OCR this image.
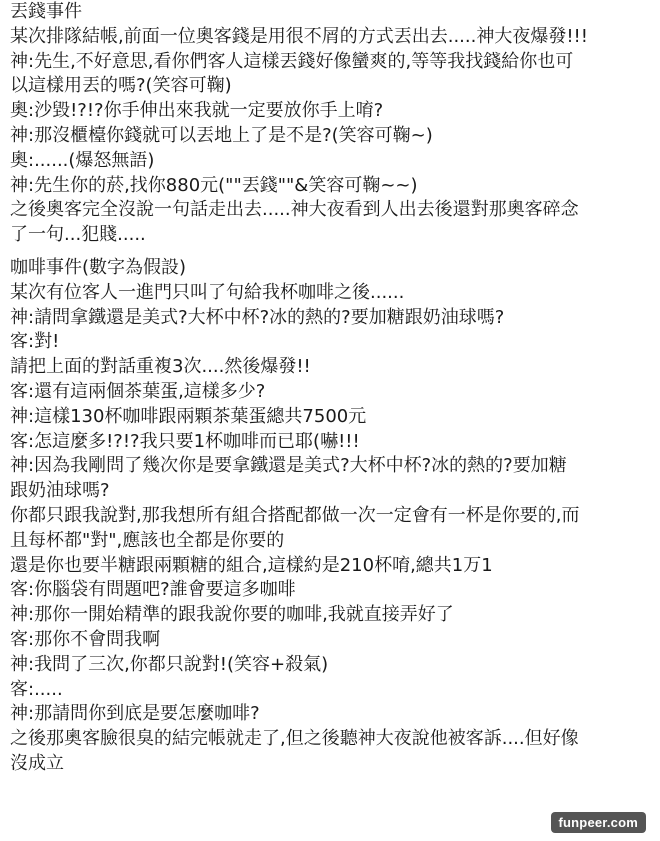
丟錢事件
某次排隊結帳,前面一位奧客錢是用很不屑的方式丟出去.....神大夜爆發!!!
神:先生,不好意思,看你們客人這樣丟錢好像蠻爽的,等等我找錢給你也可
以這樣用丟的嗎?(笑容可鞠)
奧:沙毀!?!?你手伸出來我就一定要放你手上唷?
神:那沒櫃檯你錢就可以丟地上了是不是?(笑容可鞠~)
奧:......(爆怒無語)
神:先生你的菸,找你880元(""丟錢""&笑容可鞠~~)
之後奧客完全沒說一句話走出去.....神大夜看到人出去後還對那奧客碎念
了一句...犯賤.....
咖啡事件(數字為假設)
某次有位客人一進門只叫了句給我杯咖啡之後......
神:請問拿鐵還是美式?大杯中杯?冰的熱的?要加糖跟奶油球嗎?
客:對!
請把上面的對話重複3次....然後爆發!!
客:還有這兩個茶葉蛋,這樣多少?
神:這樣130杯咖啡跟兩顆茶葉蛋總共7500元
客:怎這麼多!?!?我只要1杯咖啡而已耶(嚇!!!
神:因為我剛問了幾次你是要拿鐵還是美式?大杯中杯?冰的熱的?要加糖
跟奶油球嗎?
你都只跟我說對,那我想所有組合搭配都做一次一定會有一杯是你要的,而
且每杯都"對",應該也全都是你要的
還是你也要半糖跟兩顆糖的組合,這樣約是210杯唷,總共1万1
客:你腦袋有問題吧?誰會要這多咖啡
神:那你一開始精準的跟我說你要的咖啡,我就直接弄好了
客:那你不會問我啊
神:我問了三次,你都只說對!(笑容+殺氣)
客:.....
神:那請問你到底是要怎麼咖啡?
之後那奧客臉很臭的結完帳就走了,但之後聽神大夜說他被客訴....但好像
沒成立
funpeer.com
